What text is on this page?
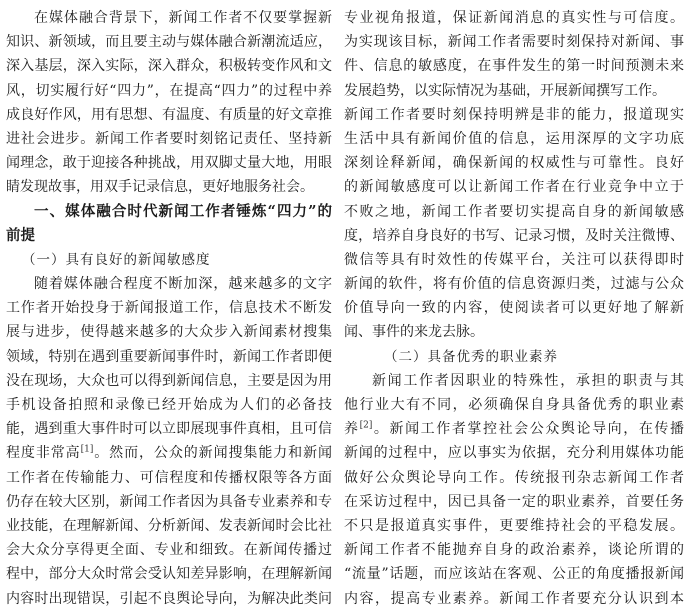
在媒体融合背景下，新闻工作者不仅要掌握新
知识、新领域，而且要主动与媒体融合新潮流适应，
深入基层，深入实际，深入群众，积极转变作风和文
风，切实履行好“四力”，在提高“四力”的过程中养
成良好作风，用有思想、有温度、有质量的好文章推
进社会进步。新闻工作者要时刻铭记责任、坚持新
闻理念，敢于迎接各种挑战，用双脚丈量大地，用眼
睛发现故事，用双手记录信息，更好地服务社会。
一、媒体融合时代新闻工作者锤炼“四力”的
前提
（一）具有良好的新闻敏感度
随着媒体融合程度不断加深，越来越多的文字
工作者开始投身于新闻报道工作，信息技术不断发
展与进步，使得越来越多的大众步入新闻素材搜集
领域，特别在遇到重要新闻事件时，新闻工作者即便
没在现场，大众也可以得到新闻信息，主要是因为用
手机设备拍照和录像已经开始成为人们的必备技
能，遇到重大事件时可以立即展现事件真相，且可信
程度非常高[1]。然而，公众的新闻搜集能力和新闻
工作者在传输能力、可信程度和传播权限等各方面
仍存在较大区别，新闻工作者因为具备专业素养和专
业技能，在理解新闻、分析新闻、发表新闻时会比社
会大众分享得更全面、专业和细致。在新闻传播过
程中，部分大众时常会受认知差异影响，在理解新闻
内容时出现错误，引起不良舆论导向，为解决此类问
专业视角报道，保证新闻消息的真实性与可信度。
为实现该目标，新闻工作者需要时刻保持对新闻、事
件、信息的敏感度，在事件发生的第一时间预测未来
发展趋势，以实际情况为基础，开展新闻撰写工作。
新闻工作者要时刻保持明辨是非的能力，报道现实
生活中具有新闻价值的信息，运用深厚的文字功底
深刻诠释新闻，确保新闻的权威性与可靠性。良好
的新闻敏感度可以让新闻工作者在行业竞争中立于
不败之地，新闻工作者要切实提高自身的新闻敏感
度，培养自身良好的书写、记录习惯，及时关注微博、
微信等具有时效性的传媒平台，关注可以获得即时
新闻的软件，将有价值的信息资源归类，过滤与公众
价值导向一致的内容，使阅读者可以更好地了解新
闻、事件的来龙去脉。
（二）具备优秀的职业素养
新闻工作者因职业的特殊性，承担的职责与其
他行业大有不同，必须确保自身具备优秀的职业素
养[2]。新闻工作者掌控社会公众舆论导向，在传播
新闻的过程中，应以事实为依据，充分利用媒体功能
做好公众舆论导向工作。传统报刊杂志新闻工作者
在采访过程中，因已具备一定的职业素养，首要任务
不只是报道真实事件，更要维持社会的平稳发展。
新闻工作者不能抛弃自身的政治素养，谈论所谓的
“流量”话题，而应该站在客观、公正的角度播报新闻
内容，提高专业素养。新闻工作者要充分认识到本
